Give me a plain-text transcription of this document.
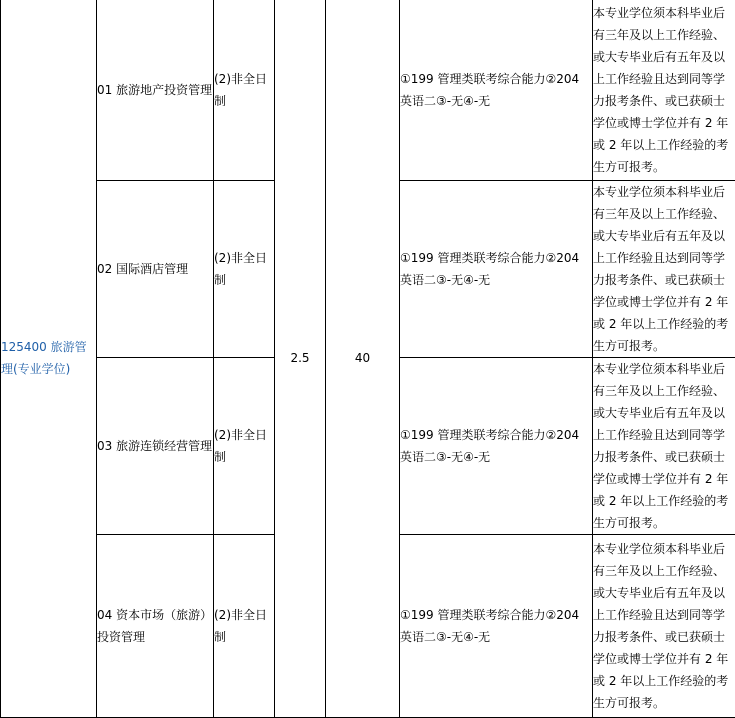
125400 旅游管理(专业学位)	01 旅游地产投资管理	(2)非全日制	2.5	40	①199 管理类联考综合能力②204 英语二③-无④-无	本专业学位须本科毕业后有三年及以上工作经验、或大专毕业后有五年及以上工作经验且达到同等学力报考条件、或已获硕士学位或博士学位并有 2 年或 2 年以上工作经验的考生方可报考。

	02 国际酒店管理	(2)非全日制			①199 管理类联考综合能力②204 英语二③-无④-无	本专业学位须本科毕业后有三年及以上工作经验、或大专毕业后有五年及以上工作经验且达到同等学力报考条件、或已获硕士学位或博士学位并有 2 年或 2 年以上工作经验的考生方可报考。

	03 旅游连锁经营管理	(2)非全日制			①199 管理类联考综合能力②204 英语二③-无④-无	本专业学位须本科毕业后有三年及以上工作经验、或大专毕业后有五年及以上工作经验且达到同等学力报考条件、或已获硕士学位或博士学位并有 2 年或 2 年以上工作经验的考生方可报考。

	04 资本市场（旅游）投资管理	(2)非全日制			①199 管理类联考综合能力②204 英语二③-无④-无	本专业学位须本科毕业后有三年及以上工作经验、或大专毕业后有五年及以上工作经验且达到同等学力报考条件、或已获硕士学位或博士学位并有 2 年或 2 年以上工作经验的考生方可报考。
